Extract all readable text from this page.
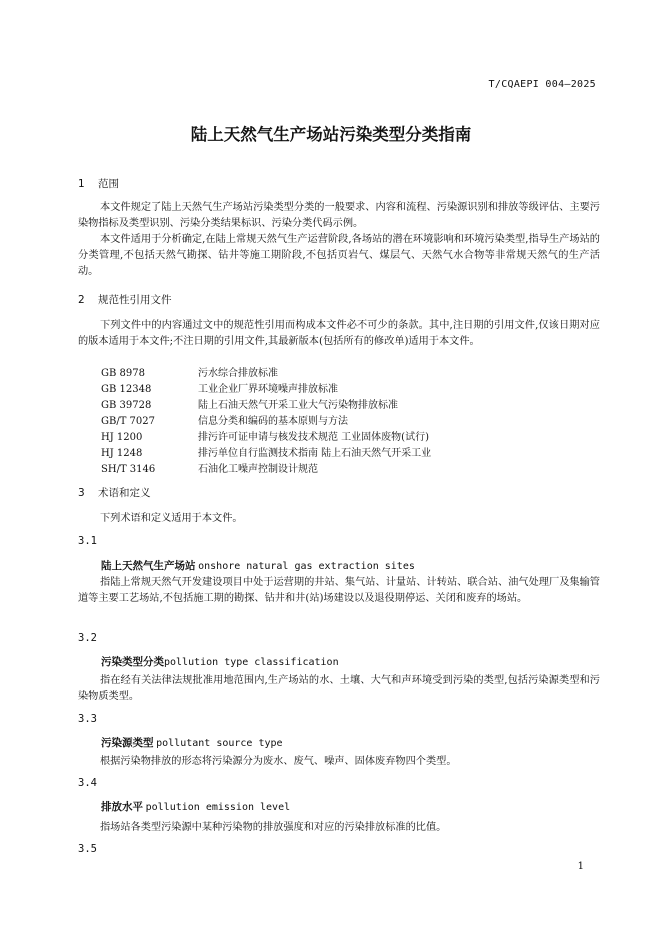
T/CQAEPI 004—2025
陆上天然气生产场站污染类型分类指南
1 范围

本文件规定了陆上天然气生产场站污染类型分类的一般要求、内容和流程、污染源识别和排放等级评估、主要污染物指标及类型识别、污染分类结果标识、污染分类代码示例。

本文件适用于分析确定,在陆上常规天然气生产运营阶段,各场站的潜在环境影响和环境污染类型,指导生产场站的分类管理,不包括天然气勘探、钻井等施工期阶段,不包括页岩气、煤层气、天然气水合物等非常规天然气的生产活动。

2 规范性引用文件

下列文件中的内容通过文中的规范性引用而构成本文件必不可少的条款。其中,注日期的引用文件,仅该日期对应的版本适用于本文件;不注日期的引用文件,其最新版本(包括所有的修改单)适用于本文件。

GB 8978	污水综合排放标准
GB 12348	工业企业厂界环境噪声排放标准
GB 39728	陆上石油天然气开采工业大气污染物排放标准
GB/T 7027	信息分类和编码的基本原则与方法
HJ 1200	排污许可证申请与核发技术规范 工业固体废物(试行)
HJ 1248	排污单位自行监测技术指南 陆上石油天然气开采工业
SH/T 3146	石油化工噪声控制设计规范
3 术语和定义

下列术语和定义适用于本文件。

3.1
陆上天然气生产场站 onshore natural gas extraction sites

指陆上常规天然气开发建设项目中处于运营期的井站、集气站、计量站、计转站、联合站、油气处理厂及集输管道等主要工艺场站,不包括施工期的勘探、钻井和井(站)场建设以及退役期停运、关闭和废弃的场站。

3.2
污染类型分类pollution type classification

指在经有关法律法规批准用地范围内,生产场站的水、土壤、大气和声环境受到污染的类型,包括污染源类型和污染物质类型。

3.3
污染源类型 pollutant source type

根据污染物排放的形态将污染源分为废水、废气、噪声、固体废弃物四个类型。

3.4
排放水平 pollution emission level

指场站各类型污染源中某种污染物的排放强度和对应的污染排放标准的比值。

3.5
1
